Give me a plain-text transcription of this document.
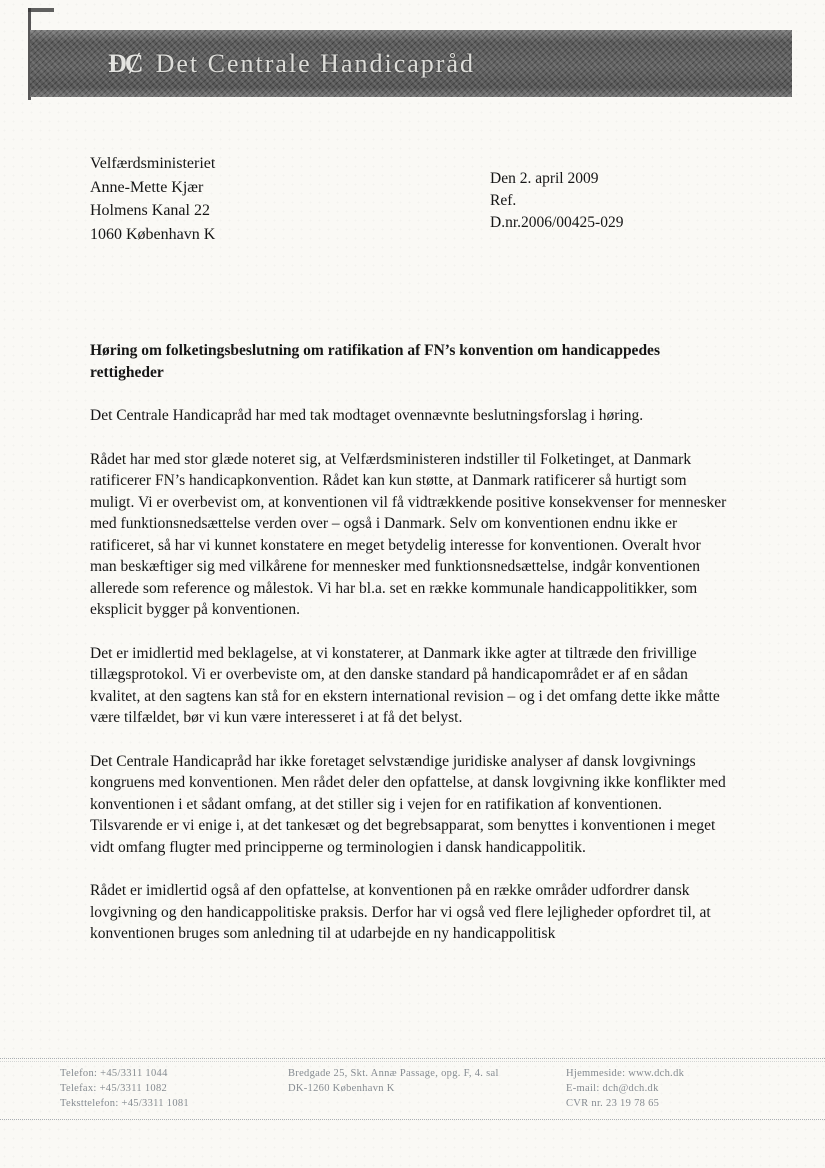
ĐȻ Det Centrale Handicapråd
Velfærdsministeriet
Anne-Mette Kjær
Holmens Kanal 22
1060 København K
Den 2. april 2009
Ref.
D.nr.2006/00425-029

Høring om folketingsbeslutning om ratifikation af FN’s konvention om handicappedes rettigheder

Det Centrale Handicapråd har med tak modtaget ovennævnte beslutningsforslag i høring.

Rådet har med stor glæde noteret sig, at Velfærdsministeren indstiller til Folketinget, at Danmark ratificerer FN’s handicapkonvention. Rådet kan kun støtte, at Danmark ratificerer så hurtigt som muligt. Vi er overbevist om, at konventionen vil få vidtrækkende positive konsekvenser for mennesker med funktionsnedsættelse verden over – også i Danmark. Selv om konventionen endnu ikke er ratificeret, så har vi kunnet konstatere en meget betydelig interesse for konventionen. Overalt hvor man beskæftiger sig med vilkårene for mennesker med funktionsnedsættelse, indgår konventionen allerede som reference og målestok. Vi har bl.a. set en række kommunale handicappolitikker, som eksplicit bygger på konventionen.

Det er imidlertid med beklagelse, at vi konstaterer, at Danmark ikke agter at tiltræde den frivillige tillægsprotokol. Vi er overbeviste om, at den danske standard på handicapområdet er af en sådan kvalitet, at den sagtens kan stå for en ekstern international revision – og i det omfang dette ikke måtte være tilfældet, bør vi kun være interesseret i at få det belyst.

Det Centrale Handicapråd har ikke foretaget selvstændige juridiske analyser af dansk lovgivnings kongruens med konventionen. Men rådet deler den opfattelse, at dansk lovgivning ikke konflikter med konventionen i et sådant omfang, at det stiller sig i vejen for en ratifikation af konventionen. Tilsvarende er vi enige i, at det tankesæt og det begrebsapparat, som benyttes i konventionen i meget vidt omfang flugter med principperne og terminologien i dansk handicappolitik.

Rådet er imidlertid også af den opfattelse, at konventionen på en række områder udfordrer dansk lovgivning og den handicappolitiske praksis. Derfor har vi også ved flere lejligheder opfordret til, at konventionen bruges som anledning til at udarbejde en ny handicappolitisk

Telefon: +45/3311 1044
Telefax: +45/3311 1082
Teksttelefon: +45/3311 1081
Bredgade 25, Skt. Annæ Passage, opg. F, 4. sal
DK-1260 København K
Hjemmeside: www.dch.dk
E-mail: dch@dch.dk
CVR nr. 23 19 78 65
